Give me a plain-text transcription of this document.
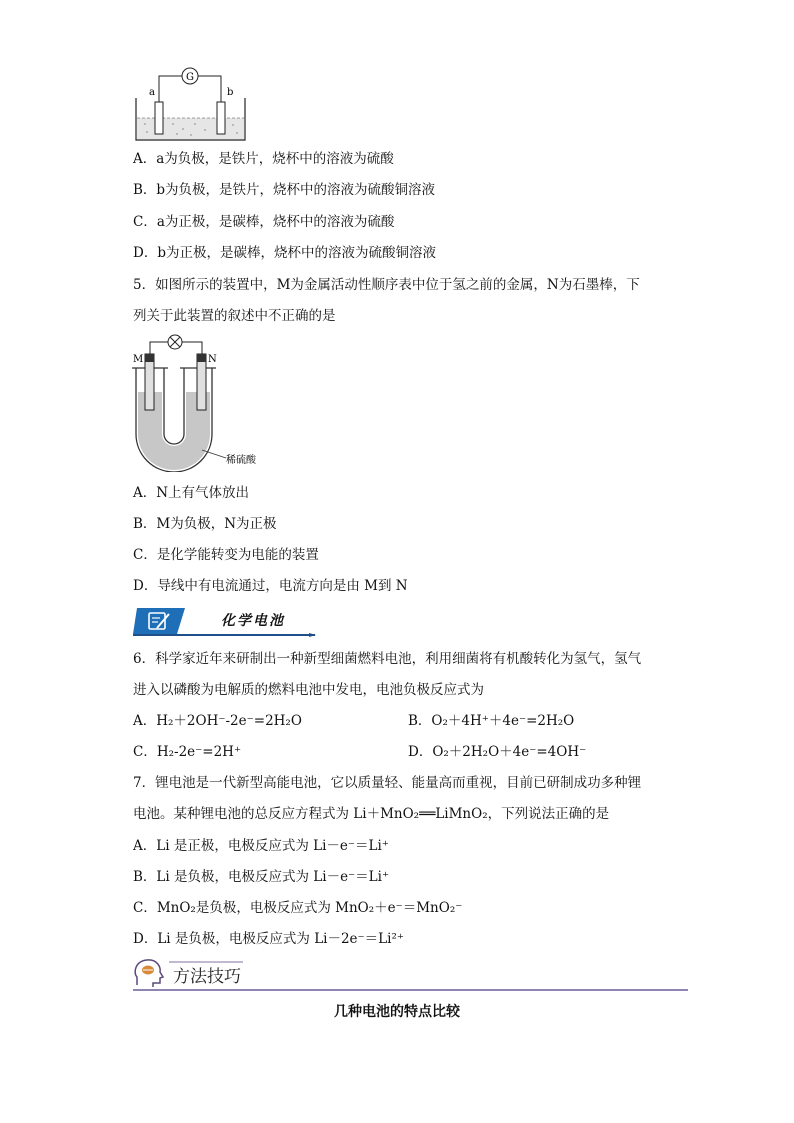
G
a	b
A．a为负极，是铁片，烧杯中的溶液为硫酸
B．b为负极，是铁片，烧杯中的溶液为硫酸铜溶液
C．a为正极，是碳棒，烧杯中的溶液为硫酸
D．b为正极，是碳棒，烧杯中的溶液为硫酸铜溶液
5．如图所示的装置中，M为金属活动性顺序表中位于氢之前的金属，N为石墨棒，下
列关于此装置的叙述中不正确的是
M	N
稀硫酸
A．N上有气体放出
B．M为负极，N为正极
C．是化学能转变为电能的装置
D．导线中有电流通过，电流方向是由 M到 N
化学电池
6．科学家近年来研制出一种新型细菌燃料电池，利用细菌将有机酸转化为氢气，氢气
进入以磷酸为电解质的燃料电池中发电，电池负极反应式为
A．H₂＋2OH⁻-2e⁻=2H₂O	B．O₂＋4H⁺＋4e⁻=2H₂O
C．H₂-2e⁻=2H⁺	D．O₂＋2H₂O＋4e⁻=4OH⁻
7．锂电池是一代新型高能电池，它以质量轻、能量高而重视，目前已研制成功多种锂
电池。某种锂电池的总反应方程式为 Li＋MnO₂══LiMnO₂，下列说法正确的是
A．Li 是正极，电极反应式为 Li－e⁻＝Li⁺
B．Li 是负极，电极反应式为 Li－e⁻＝Li⁺
C．MnO₂是负极，电极反应式为 MnO₂＋e⁻＝MnO₂⁻
D．Li 是负极，电极反应式为 Li－2e⁻＝Li²⁺
方法技巧
几种电池的特点比较
